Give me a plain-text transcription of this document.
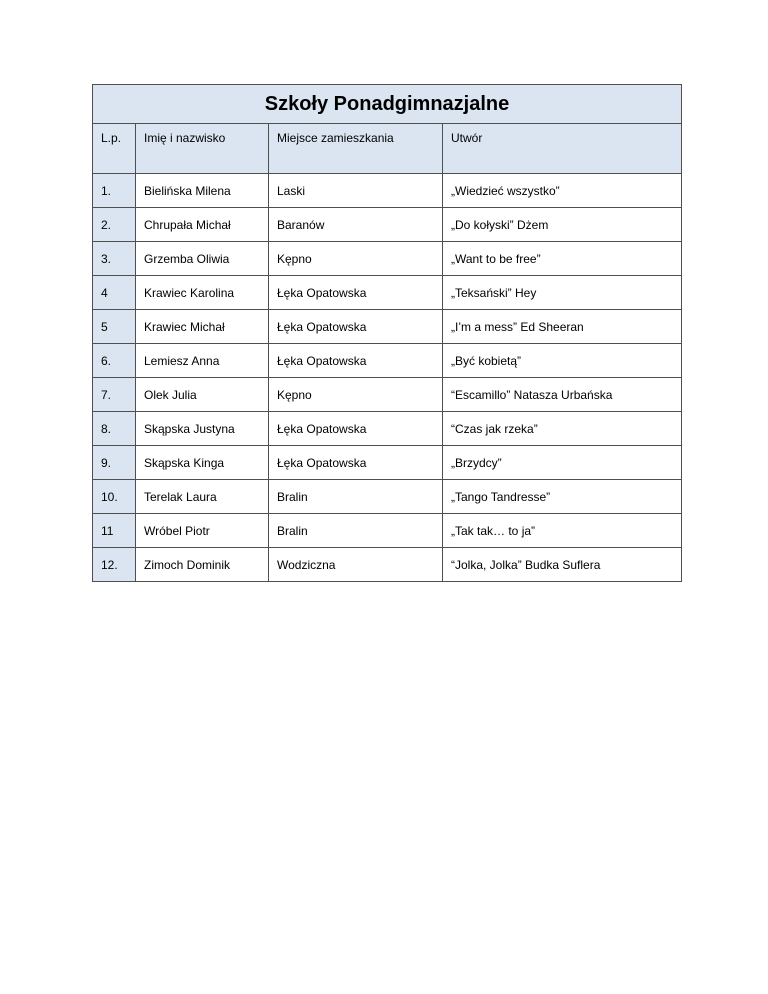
Szkoły Ponadgimnazjalne			
L.p.	Imię i nazwisko	Miejsce zamieszkania	Utwór
1.	Bielińska Milena	Laski	„Wiedzieć wszystko”
2.	Chrupała Michał	Baranów	„Do kołyski” Dżem
3.	Grzemba Oliwia	Kępno	„Want to be free”
4	Krawiec Karolina	Łęka Opatowska	„Teksański” Hey
5	Krawiec Michał	Łęka Opatowska	„I’m a mess” Ed Sheeran
6.	Lemiesz Anna	Łęka Opatowska	„Być kobietą”
7.	Olek Julia	Kępno	“Escamillo” Natasza Urbańska
8.	Skąpska Justyna	Łęka Opatowska	“Czas jak rzeka”
9.	Skąpska Kinga	Łęka Opatowska	„Brzydcy”
10.	Terelak Laura	Bralin	„Tango Tandresse”
11	Wróbel Piotr	Bralin	„Tak tak… to ja”
12.	Zimoch Dominik	Wodziczna	“Jolka, Jolka” Budka Suflera
